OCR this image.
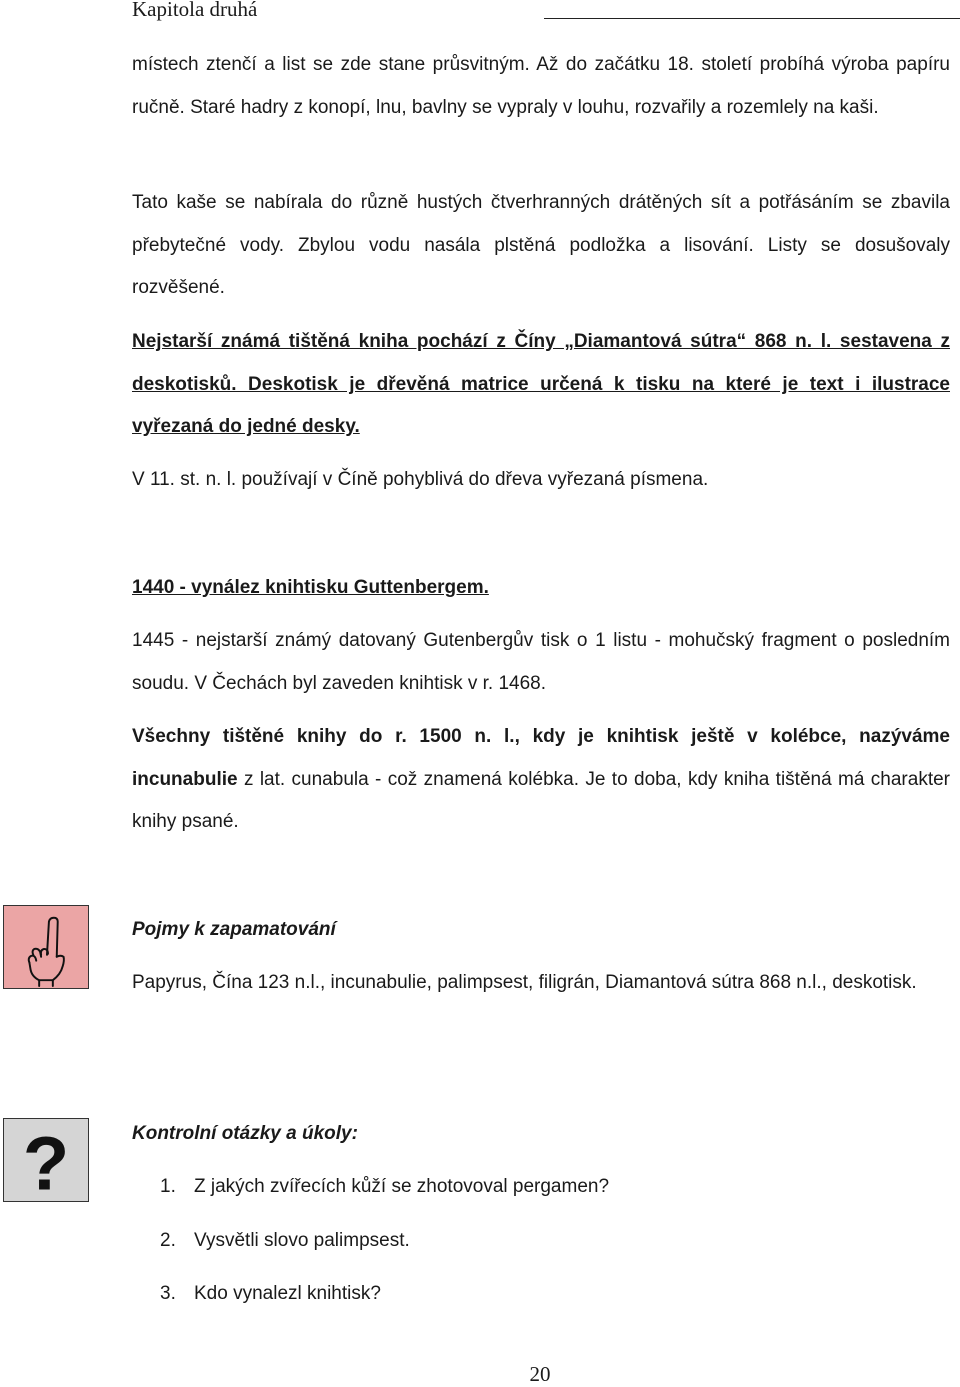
Kapitola druhá

místech ztenčí a list se zde stane průsvitným. Až do začátku 18. století probíhá výroba papíru ručně. Staré hadry z konopí, lnu, bavlny se vypraly v louhu, rozvařily a rozemlely na kaši.

Tato kaše se nabírala do různě hustých čtverhranných drátěných sít a potřásáním se zbavila přebytečné vody. Zbylou vodu nasála plstěná podložka a lisování. Listy se dosušovaly rozvěšené.

Nejstarší známá tištěná kniha pochází z Číny „Diamantová sútra“ 868 n. l. sestavena z deskotisků. Deskotisk je dřevěná matrice určená k tisku na které je text i ilustrace vyřezaná do jedné desky.

V 11. st. n. l. používají v Číně pohyblivá do dřeva vyřezaná písmena.

1440 - vynález knihtisku Guttenbergem.

1445 - nejstarší známý datovaný Gutenbergův tisk o 1 listu - mohučský fragment o posledním soudu. V Čechách byl zaveden knihtisk v r. 1468.

Všechny tištěné knihy do r. 1500 n. l., kdy je knihtisk ještě v kolébce, nazýváme incunabulie z lat. cunabula - což znamená kolébka. Je to doba, kdy kniha tištěná má charakter knihy psané.

Pojmy k zapamatování

Papyrus, Čína 123 n.l., incunabulie, palimpsest, filigrán, Diamantová sútra 868 n.l., deskotisk.

?	Kontrolní otázky a úkoly:

1. Z jakých zvířecích kůží se zhotovoval pergamen?
2. Vysvětli slovo palimpsest.
3. Kdo vynalezl knihtisk?
20
